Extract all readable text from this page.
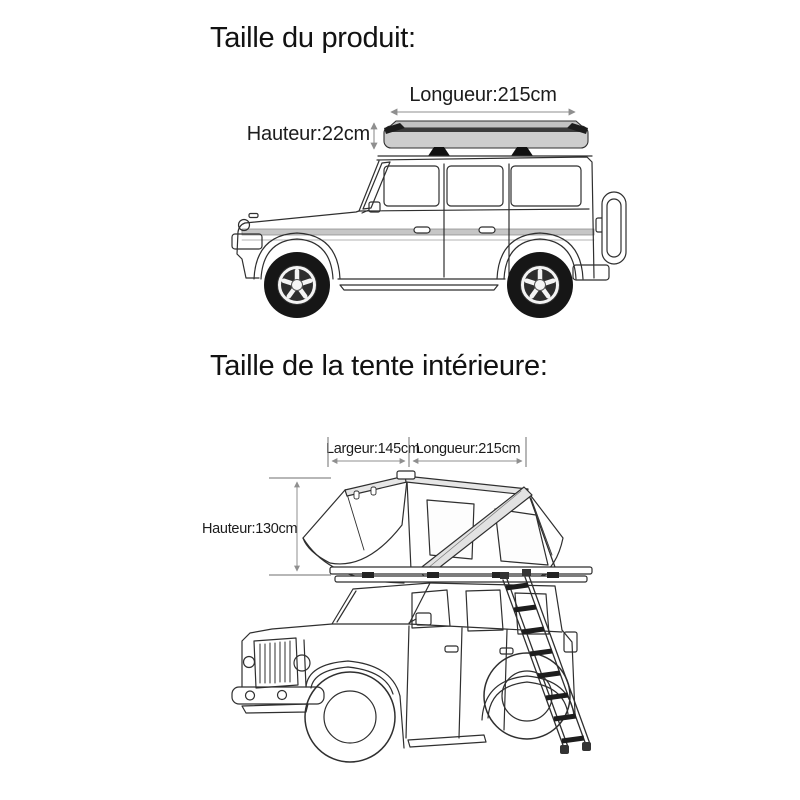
Taille du produit:
Longueur:215cm
Hauteur:22cm
Taille de la tente intérieure:
Largeur:145cm
Longueur:215cm
Hauteur:130cm
